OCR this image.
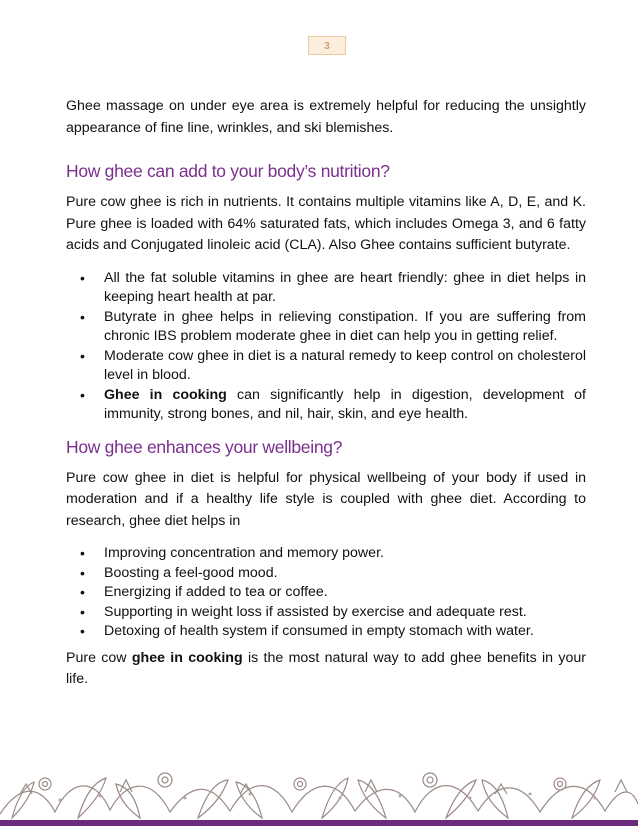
3

Ghee massage on under eye area is extremely helpful for reducing the unsightly appearance of fine line, wrinkles, and ski blemishes.

How ghee can add to your body’s nutrition?

Pure cow ghee is rich in nutrients. It contains multiple vitamins like A, D, E, and K. Pure ghee is loaded with 64% saturated fats, which includes Omega 3, and 6 fatty acids and Conjugated linoleic acid (CLA). Also Ghee contains sufficient butyrate.

• All the fat soluble vitamins in ghee are heart friendly: ghee in diet helps in keeping heart health at par.
• Butyrate in ghee helps in relieving constipation. If you are suffering from chronic IBS problem moderate ghee in diet can help you in getting relief.
• Moderate cow ghee in diet is a natural remedy to keep control on cholesterol level in blood.
• Ghee in cooking can significantly help in digestion, development of immunity, strong bones, and nil, hair, skin, and eye health.
How ghee enhances your wellbeing?

Pure cow ghee in diet is helpful for physical wellbeing of your body if used in moderation and if a healthy life style is coupled with ghee diet. According to research, ghee diet helps in

• Improving concentration and memory power.
• Boosting a feel-good mood.
• Energizing if added to tea or coffee.
• Supporting in weight loss if assisted by exercise and adequate rest.
• Detoxing of health system if consumed in empty stomach with water.

Pure cow ghee in cooking is the most natural way to add ghee benefits in your life.
